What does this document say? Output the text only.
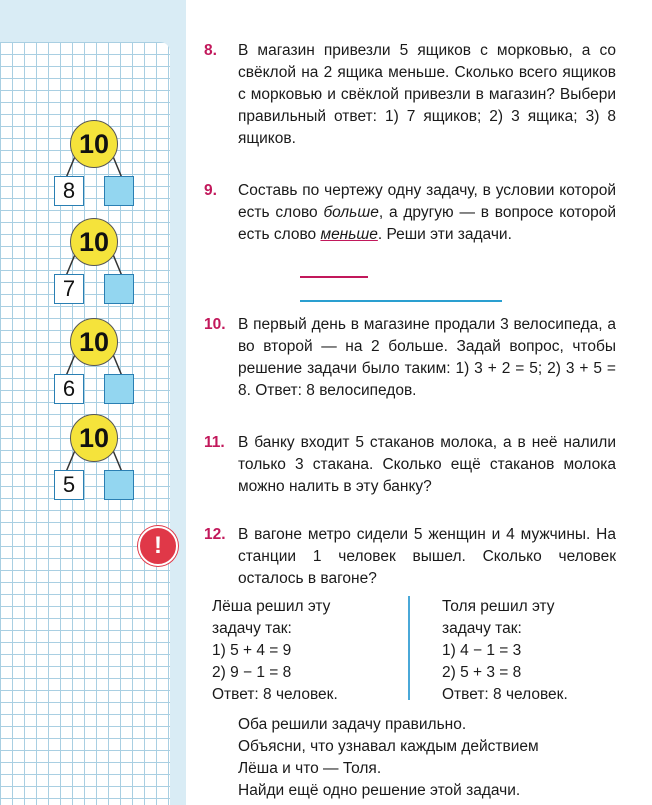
10
8
10
7
10
6
10
5
!
8. В магазин привезли 5 ящиков с морковью, а со свёклой на 2 ящика меньше. Сколько всего ящиков с морковью и свёклой привезли в магазин? Выбери правильный ответ: 1) 7 ящиков; 2) 3 ящика; 3) 8 ящиков.
9. Составь по чертежу одну задачу, в условии которой есть слово больше, а другую — в вопросе которой есть слово меньше. Реши эти задачи.
10. В первый день в магазине продали 3 велосипеда, а во второй — на 2 больше. Задай вопрос, чтобы решение задачи было таким: 1) 3 + 2 = 5; 2) 3 + 5 = 8. Ответ: 8 велосипедов.
11. В банку входит 5 стаканов молока, а в неё налили только 3 стакана. Сколько ещё стаканов молока можно налить в эту банку?
12. В вагоне метро сидели 5 женщин и 4 мужчины. На станции 1 человек вышел. Сколько человек осталось в вагоне?
Лёша решил эту
задачу так:
1) 5 + 4 = 9
2) 9 − 1 = 8
Ответ: 8 человек.
Толя решил эту
задачу так:
1) 4 − 1 = 3
2) 5 + 3 = 8
Ответ: 8 человек.
Оба решили задачу правильно.
Объясни, что узнавал каждым действием
Лёша и что — Толя.
Найди ещё одно решение этой задачи.
